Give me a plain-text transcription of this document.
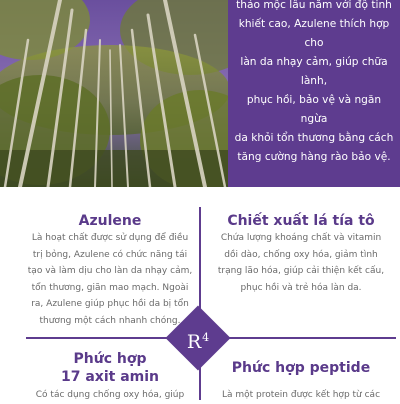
thảo mộc lâu năm với độ tinh
khiết cao, Azulene thích hợp cho
làn da nhạy cảm, giúp chữa lành,
phục hồi, bảo vệ và ngăn ngừa
da khỏi tổn thương bằng cách
tăng cường hàng rào bảo vệ.
Azulene
Là hoạt chất được sử dụng để điều
trị bỏng, Azulene có chức năng tái
tạo và làm dịu cho làn da nhạy cảm,
tổn thương, giãn mao mạch. Ngoài
ra, Azulene giúp phục hồi da bị tổn
thương một cách nhanh chóng.
Chiết xuất lá tía tô
Chứa lượng khoáng chất và vitamin
dồi dào, chống oxy hóa, giảm tình
trạng lão hóa, giúp cải thiện kết cấu,
phục hồi và trẻ hóa làn da.
Phức hợp
17 axit amin
Có tác dụng chống oxy hóa, giúp
Phức hợp peptide
Là một protein được kết hợp từ các
$R^4$
